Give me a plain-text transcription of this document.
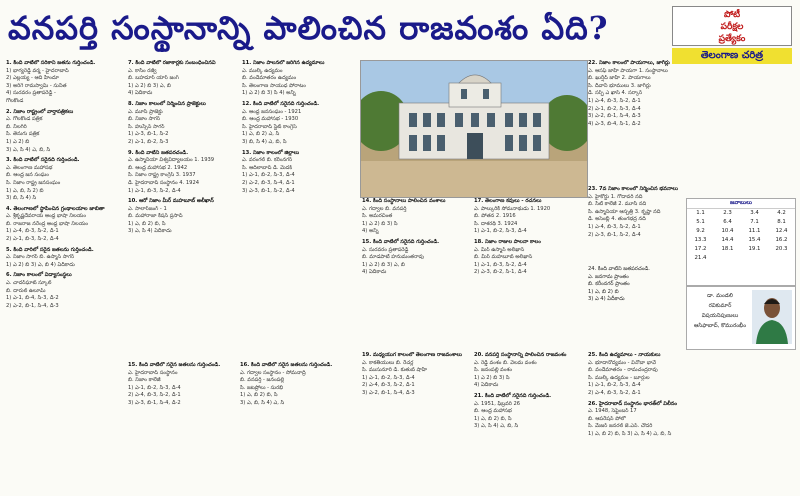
వనపర్తి సంస్థానాన్ని పాలించిన రాజవంశం ఏది?	పోటీ
పరీక్షల
ప్రత్యేకం
తెలంగాణ చరిత్ర
1. కింది వాటిలో సరికాని జతను గుర్తించండి.
1) భాగ్యరెడ్డి వర్మ - హైదరాబాద్
2) ఎల్లయ్య - ఆది హిందూ
3) అరిగె రామస్వామి - సునీత
4) సురవరం ప్రతాపరెడ్డి -
గోలకొండ
2. నిజాం రాష్ట్రంలో వార్తాపత్రికలు
ఎ. గోలకొండ పత్రిక
బి. నీలగిరి
సి. తెనుగు పత్రిక
1) ఎ 2) బి
3) ఎ, సి 4) ఎ, బి, సి
3. కింది వాటిలో సరైనది గుర్తించండి.
ఎ. తెలంగాణ మహాసభ
బి. ఆంధ్ర జన సంఘం
సి. నిజాం రాష్ట్ర జనసంఘం
1) ఎ, బి, సి 2) బి
3) బి, సి 4) సి
4. తెలంగాణలో స్థాపించిన గ్రంథాలయాల జాబితా
ఎ. శ్రీకృష్ణదేవరాయ ఆంధ్ర భాషా నిలయం
బి. రాజరాజ నరేంద్ర ఆంధ్ర భాషా నిలయం
1) ఎ-4, బి-3, సి-2, డి-1
2) ఎ-1, బి-3, సి-2, డి-4
5. కింది వారిలో సరైన జతలను గుర్తించండి.
ఎ. నిజాం సాగర్ బి. ఉస్మాన్ సాగర్
1) ఎ 2) బి 3) ఎ, బి 4) ఏదీకాదు
6. నిజాం కాలంలో విద్యాసంస్థలు
ఎ. చాదర్‌ఘాట్ స్కూల్
బి. దారుల్ ఉలూమ్
1) ఎ-1, బి-4, సి-3, డి-2
2) ఎ-2, బి-1, సి-4, డి-3
7. కింది వాటిలో రజాకార్లకు సంబంధించినవి
ఎ. కాసిం రజ్వీ
బి. బహదూర్ యార్ జంగ్
1) ఎ 2) బి 3) ఎ, బి
4) ఏదీకాదు
8. నిజాం కాలంలో నిర్మించిన ప్రాజెక్టులు
ఎ. మూసీ ప్రాజెక్టు
బి. నిజాం సాగర్
సి. హుస్సేన్ సాగర్
1) ఎ-3, బి-1, సి-2
2) ఎ-1, బి-2, సి-3
9. కింది వాటిని జతపరచండి.
ఎ. ఉస్మానియా విశ్వవిద్యాలయం 1. 1939
బి. ఆంధ్ర మహాసభ 2. 1942
సి. నిజాం రాష్ట్ర కాంగ్రెస్ 3. 1937
డి. హైదరాబాద్ సంస్థానం 4. 1924
1) ఎ-1, బి-3, సి-2, డి-4
10. ఆరో నిజాం మీర్ మహబూబ్ అలీఖాన్
ఎ. సాలార్‌జంగ్ - 1
బి. మహారాజా కిషన్ ప్రసాద్
1) ఎ, బి 2) బి, సి
3) ఎ, సి 4) ఏదీకాదు
11. నిజాం పాలనలో జరిగిన ఉద్యమాలు
ఎ. ముల్కీ ఉద్యమం
బి. వందేమాతరం ఉద్యమం
సి. తెలంగాణ సాయుధ పోరాటం
1) ఎ 2) బి 3) సి 4) అన్నీ
12. కింది వాటిలో సరైనది గుర్తించండి.
ఎ. ఆంధ్ర జనసంఘం - 1921
బి. ఆంధ్ర మహాసభ - 1930
సి. హైదరాబాద్ స్టేట్ కాంగ్రెస్
1) ఎ, బి 2) ఎ, సి
3) బి, సి 4) ఎ, బి, సి
13. నిజాం కాలంలో జిల్లాలు
ఎ. వరంగల్ బి. కరీంనగర్
సి. ఆదిలాబాద్ డి. మెదక్
1) ఎ-1, బి-2, సి-3, డి-4
2) ఎ-2, బి-3, సి-4, డి-1
3) ఎ-3, బి-1, సి-2, డి-4
15. కింది వాటిలో సరైన జతలను గుర్తించండి.
ఎ. హైదరాబాద్ సంస్థానం
బి. నిజాం కాలేజీ
1) ఎ-1, బి-2, సి-3, డి-4
2) ఎ-4, బి-3, సి-2, డి-1
3) ఎ-3, బి-1, సి-4, డి-2
16. కింది వాటిలో సరైన జతలను గుర్తించండి.
ఎ. గద్వాల సంస్థానం - సోమనాద్రి
బి. వనపర్తి - జనంపల్లి
సి. జటప్రోలు - సురభి
1) ఎ, బి 2) బి, సి
3) ఎ, బి, సి 4) ఎ, సి
14. కింది సంస్థానాలు పాలించిన వంశాలు
ఎ. గద్వాల బి. వనపర్తి
సి. అమరచింత
1) ఎ 2) బి 3) సి
4) అన్నీ
15. కింది వాటిలో సరైనది గుర్తించండి.
ఎ. సురవరం ప్రతాపరెడ్డి
బి. మాడపాటి హనుమంతరావు
1) ఎ 2) బి 3) ఎ, బి
4) ఏదీకాదు
17. తెలంగాణ కవులు - రచనలు
ఎ. పాల్కురికి సోమనాథుడు 1. 1920
బి. పోతన 2. 1916
సి. దాశరథి 3. 1924
1) ఎ-1, బి-2, సి-3, డి-4
18. నిజాం రాజుల పాలనా కాలం
ఎ. మీర్ ఉస్మాన్ అలీఖాన్
బి. మీర్ మహబూబ్ అలీఖాన్
1) ఎ-1, బి-3, సి-2, డి-4
2) ఎ-3, బి-2, సి-1, డి-4
19. మధ్యయుగ కాలంలో తెలంగాణ రాజవంశాలు
ఎ. కాకతీయులు బి. రేచర్ల
సి. ముసునూరి డి. కుతుబ్ షాహీ
1) ఎ-1, బి-2, సి-3, డి-4
2) ఎ-4, బి-3, సి-2, డి-1
3) ఎ-2, బి-1, సి-4, డి-3
20. వనపర్తి సంస్థానాన్ని పాలించిన రాజవంశం
ఎ. రెడ్డి వంశం బి. వెలమ వంశం
సి. జనంపల్లి వంశం
1) ఎ 2) బి 3) సి
4) ఏదీకాదు
21. కింది వాటిలో సరైనది గుర్తించండి.
ఎ. 1951, ఫిబ్రవరి 26
బి. ఆంధ్ర మహాసభ
1) ఎ, బి 2) బి, సి
3) ఎ, సి 4) ఎ, బి, సి
22. నిజాం కాలంలో పాయగాలు, జాగీర్లు
ఎ. ఆసఫ్ జాహీ పాయగా 1. సంస్థానాలు
బి. ఖుర్షీద్ జాహీ 2. పాయగాలు
సి. దీవానీ భూములు 3. జాగీర్లు
డి. సర్ఫ్ ఎ ఖాస్ 4. సర్కార్
1) ఎ-4, బి-3, సి-2, డి-1
2) ఎ-1, బి-2, సి-3, డి-4
3) ఎ-2, బి-1, సి-4, డి-3
4) ఎ-3, బి-4, సి-1, డి-2
23. 7వ నిజాం కాలంలో నిర్మించిన భవనాలు
ఎ. హైకోర్టు 1. గోదావరి నది
బి. సిటీ కాలేజీ 2. మూసీ నది
సి. ఉస్మానియా ఆస్పత్రి 3. కృష్ణా నది
డి. అసెంబ్లీ 4. తుంగభద్ర నది
1) ఎ-4, బి-3, సి-2, డి-1
2) ఎ-3, బి-1, సి-2, డి-4
24. కింది వాటిని జతపరచండి.
ఎ. జనగామ ప్రాంతం
బి. కరీంనగర్ ప్రాంతం
1) ఎ, బి 2) బి
3) ఎ 4) ఏదీకాదు
25. కింది ఉద్యమాలు - నాయకులు
ఎ. భూదానోద్యమం - వినోబా భావే
బి. వందేమాతరం - రామచంద్రరావు
సి. ముల్కీ ఉద్యమం - బూర్గుల
1) ఎ-1, బి-2, సి-3, డి-4
2) ఎ-4, బి-3, సి-2, డి-1
26. హైదరాబాద్ సంస్థానం భారత్‌లో విలీనం
ఎ. 1948, సెప్టెంబర్ 17
బి. ఆపరేషన్ పోలో
సి. మేజర్ జనరల్ జె.ఎన్. చౌదరి
1) ఎ, బి 2) బి, సి 3) ఎ, సి 4) ఎ, బి, సి
జవాబులు
1.1	2.3	3.4	4.2
5.1	6.4	7.1	8.1
9.2	10.4	11.1	12.4
13.3	14.4	15.4	16.2
17.2	18.1	19.1	20.3
21.4			
డా. మండలి
రవికుమార్
విషయనిపుణులు
ఆసిఫాబాద్, కొమురంభీం
